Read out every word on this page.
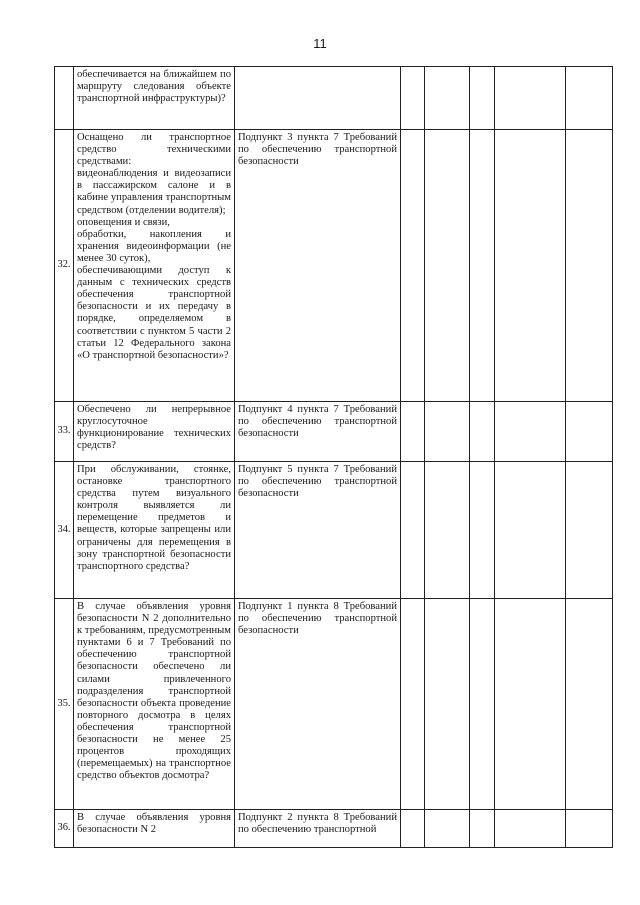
11
	обеспечивается на ближайшем по маршруту следования объекте транспортной инфраструктуры)?						
32.	Оснащено ли транспортное средство техническими средствами:
видеонаблюдения и видеозаписи в пассажирском салоне и в кабине управления транспортным средством (отделении водителя);
оповещения и связи,
обработки, накопления и хранения видеоинформации (не менее 30 суток),
обеспечивающими доступ к данным с технических средств обеспечения транспортной безопасности и их передачу в порядке, определяемом в соответствии с пунктом 5 части 2 статьи 12 Федерального закона «О транспортной безопасности»?	Подпункт 3 пункта 7 Требований по обеспечению транспортной безопасности					
33.	Обеспечено ли непрерывное круглосуточное функционирование технических средств?	Подпункт 4 пункта 7 Требований по обеспечению транспортной безопасности					
34.	При обслуживании, стоянке, остановке транспортного средства путем визуального контроля выявляется ли перемещение предметов и веществ, которые запрещены или ограничены для перемещения в зону транспортной безопасности транспортного средства?	Подпункт 5 пункта 7 Требований по обеспечению транспортной безопасности					
35.	В случае объявления уровня безопасности N 2 дополнительно к требованиям, предусмотренным пунктами 6 и 7 Требований по обеспечению транспортной безопасности обеспечено ли силами привлеченного подразделения транспортной безопасности объекта проведение повторного досмотра в целях обеспечения транспортной безопасности не менее 25 процентов проходящих (перемещаемых) на транспортное средство объектов досмотра?	Подпункт 1 пункта 8 Требований по обеспечению транспортной безопасности					
36.	В случае объявления уровня безопасности N 2	Подпункт 2 пункта 8 Требований по обеспечению транспортной					
